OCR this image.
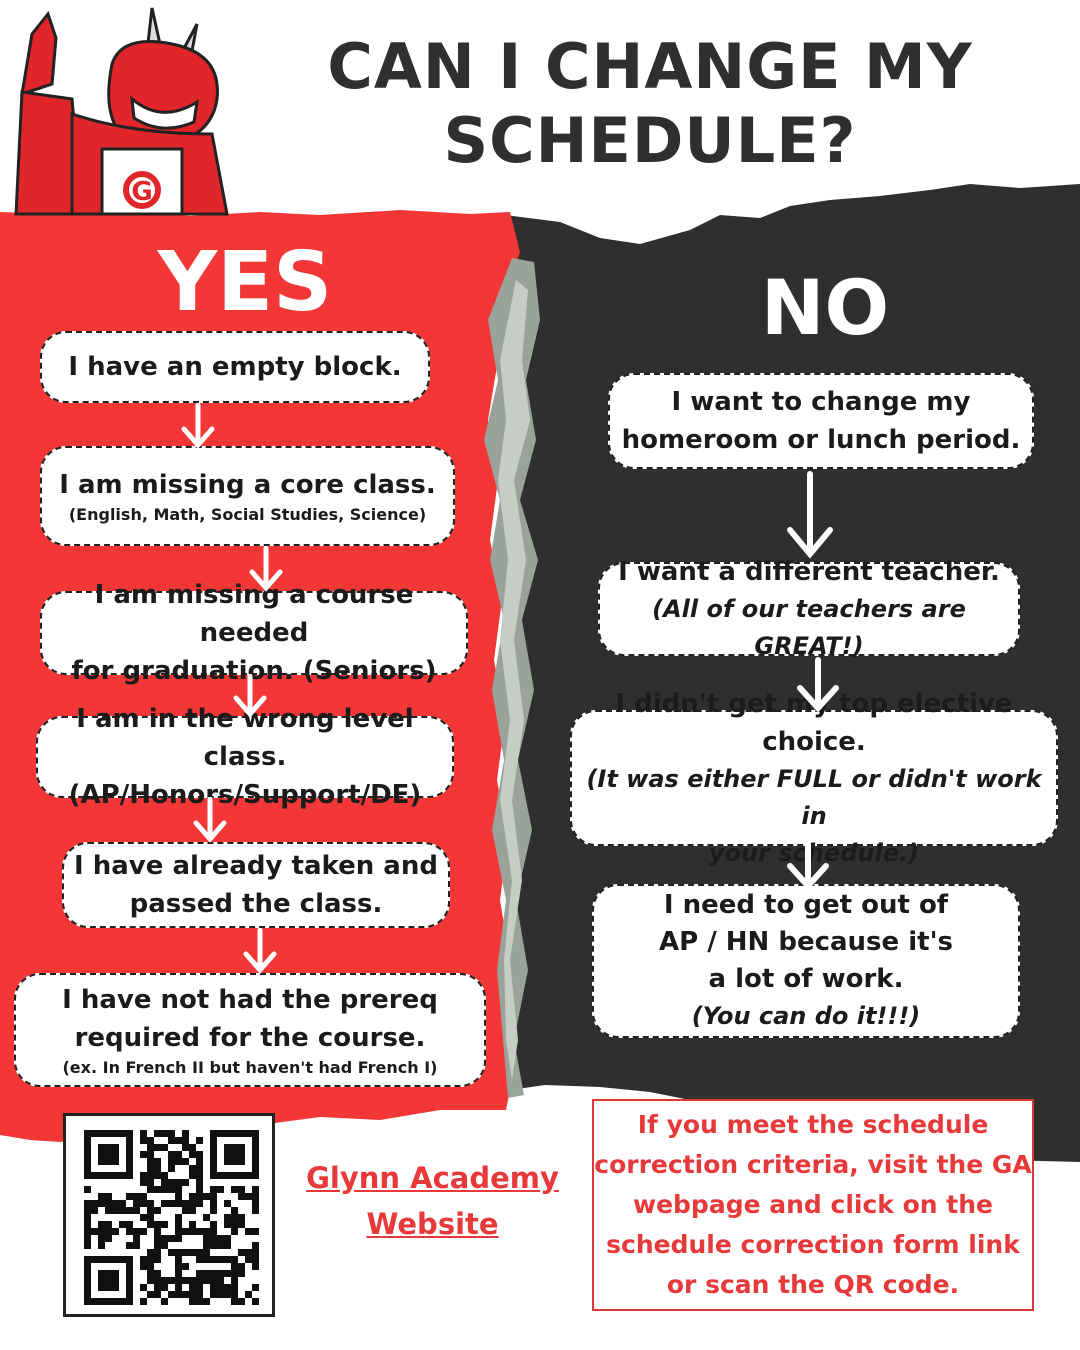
G
CAN I CHANGE MY
SCHEDULE?
YES	NO
I have an empty block.
I am missing a core class.
(English, Math, Social Studies, Science)
I am missing a course needed
for graduation. (Seniors)
I am in the wrong level class.
(AP/Honors/Support/DE)
I have already taken and
passed the class.
I have not had the prereq
required for the course.
(ex. In French II but haven't had French I)
I want to change my
homeroom or lunch period.
I want a different teacher.
(All of our teachers are GREAT!)
I didn't get my top elective choice.
(It was either FULL or didn't work in
your schedule.)
I need to get out of
AP / HN because it's
a lot of work.
(You can do it!!!)
Glynn Academy
Website
If you meet the schedule
correction criteria, visit the GA
webpage and click on the
schedule correction form link
or scan the QR code.
